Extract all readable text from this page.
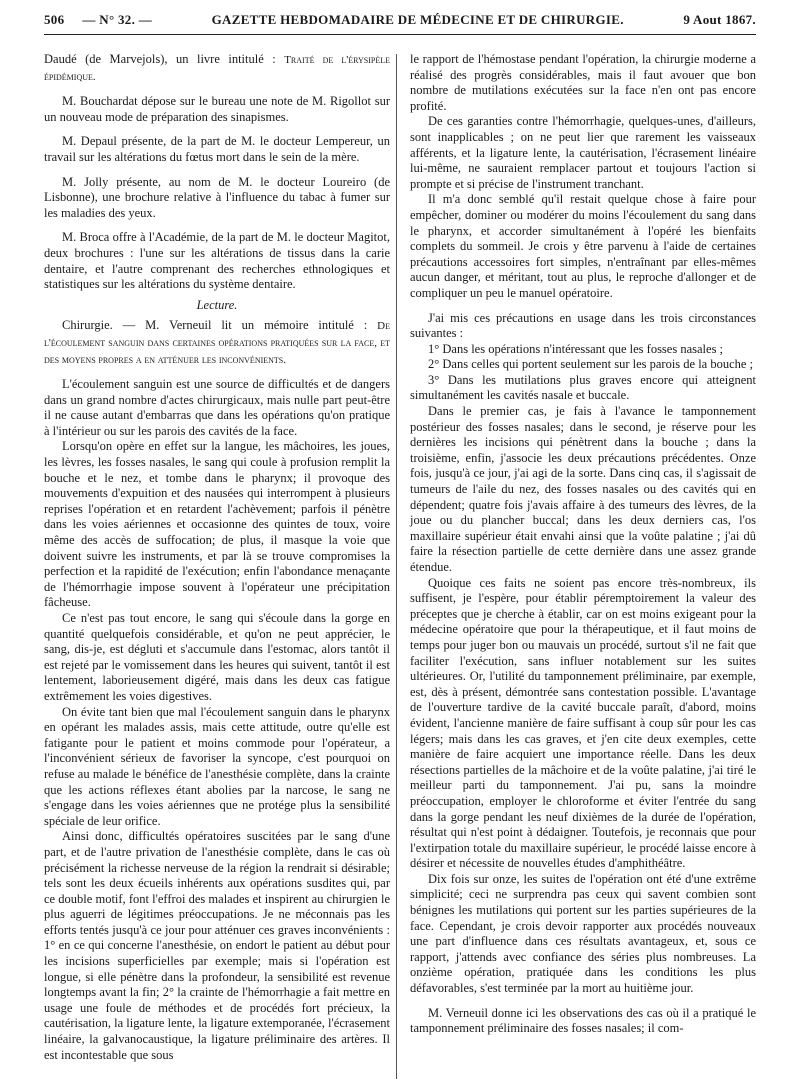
506 — N° 32. —	GAZETTE HEBDOMADAIRE DE MÉDECINE ET DE CHIRURGIE.	9 Aout 1867.

Daudé (de Marvejols), un livre intitulé : Traité de l'érysipèle épidémique.

M. Bouchardat dépose sur le bureau une note de M. Rigollot sur un nouveau mode de préparation des sinapismes.

M. Depaul présente, de la part de M. le docteur Lempereur, un travail sur les altérations du fœtus mort dans le sein de la mère.

M. Jolly présente, au nom de M. le docteur Loureiro (de Lisbonne), une brochure relative à l'influence du tabac à fumer sur les maladies des yeux.

M. Broca offre à l'Académie, de la part de M. le docteur Magitot, deux brochures : l'une sur les altérations de tissus dans la carie dentaire, et l'autre comprenant des recherches ethnologiques et statistiques sur les altérations du système dentaire.

Lecture.

Chirurgie. — M. Verneuil lit un mémoire intitulé : De l'écoulement sanguin dans certaines opérations pratiquées sur la face, et des moyens propres a en atténuer les inconvénients.

L'écoulement sanguin est une source de difficultés et de dangers dans un grand nombre d'actes chirurgicaux, mais nulle part peut-être il ne cause autant d'embarras que dans les opérations qu'on pratique à l'intérieur ou sur les parois des cavités de la face.

Lorsqu'on opère en effet sur la langue, les mâchoires, les joues, les lèvres, les fosses nasales, le sang qui coule à profusion remplit la bouche et le nez, et tombe dans le pharynx; il provoque des mouvements d'expuition et des nausées qui interrompent à plusieurs reprises l'opération et en retardent l'achèvement; parfois il pénètre dans les voies aériennes et occasionne des quintes de toux, voire même des accès de suffocation; de plus, il masque la voie que doivent suivre les instruments, et par là se trouve compromises la perfection et la rapidité de l'exécution; enfin l'abondance menaçante de l'hémorrhagie impose souvent à l'opérateur une précipitation fâcheuse.

Ce n'est pas tout encore, le sang qui s'écoule dans la gorge en quantité quelquefois considérable, et qu'on ne peut apprécier, le sang, dis-je, est dégluti et s'accumule dans l'estomac, alors tantôt il est rejeté par le vomissement dans les heures qui suivent, tantôt il est lentement, laborieusement digéré, mais dans les deux cas fatigue extrêmement les voies digestives.

On évite tant bien que mal l'écoulement sanguin dans le pharynx en opérant les malades assis, mais cette attitude, outre qu'elle est fatigante pour le patient et moins commode pour l'opérateur, a l'inconvénient sérieux de favoriser la syncope, c'est pourquoi on refuse au malade le bénéfice de l'anesthésie complète, dans la crainte que les actions réflexes étant abolies par la narcose, le sang ne s'engage dans les voies aériennes que ne protége plus la sensibilité spéciale de leur orifice.

Ainsi donc, difficultés opératoires suscitées par le sang d'une part, et de l'autre privation de l'anesthésie complète, dans le cas où précisément la richesse nerveuse de la région la rendrait si désirable; tels sont les deux écueils inhérents aux opérations susdites qui, par ce double motif, font l'effroi des malades et inspirent au chirurgien le plus aguerri de légitimes préoccupations. Je ne méconnais pas les efforts tentés jusqu'à ce jour pour atténuer ces graves inconvénients : 1° en ce qui concerne l'anesthésie, on endort le patient au début pour les incisions superficielles par exemple; mais si l'opération est longue, si elle pénètre dans la profondeur, la sensibilité est revenue longtemps avant la fin; 2° la crainte de l'hémorrhagie a fait mettre en usage une foule de méthodes et de procédés fort précieux, la cautérisation, la ligature lente, la ligature extemporanée, l'écrasement linéaire, la galvanocaustique, la ligature préliminaire des artères. Il est incontestable que sous

le rapport de l'hémostase pendant l'opération, la chirurgie moderne a réalisé des progrès considérables, mais il faut avouer que bon nombre de mutilations exécutées sur la face n'en ont pas encore profité.

De ces garanties contre l'hémorrhagie, quelques-unes, d'ailleurs, sont inapplicables ; on ne peut lier que rarement les vaisseaux afférents, et la ligature lente, la cautérisation, l'écrasement linéaire lui-même, ne sauraient remplacer partout et toujours l'action si prompte et si précise de l'instrument tranchant.

Il m'a donc semblé qu'il restait quelque chose à faire pour empêcher, dominer ou modérer du moins l'écoulement du sang dans le pharynx, et accorder simultanément à l'opéré les bienfaits complets du sommeil. Je crois y être parvenu à l'aide de certaines précautions accessoires fort simples, n'entraînant par elles-mêmes aucun danger, et méritant, tout au plus, le reproche d'allonger et de compliquer un peu le manuel opératoire.

J'ai mis ces précautions en usage dans les trois circonstances suivantes :

1° Dans les opérations n'intéressant que les fosses nasales ;

2° Dans celles qui portent seulement sur les parois de la bouche ;

3° Dans les mutilations plus graves encore qui atteignent simultanément les cavités nasale et buccale.

Dans le premier cas, je fais à l'avance le tamponnement postérieur des fosses nasales; dans le second, je réserve pour les dernières les incisions qui pénètrent dans la bouche ; dans la troisième, enfin, j'associe les deux précautions précédentes. Onze fois, jusqu'à ce jour, j'ai agi de la sorte. Dans cinq cas, il s'agissait de tumeurs de l'aile du nez, des fosses nasales ou des cavités qui en dépendent; quatre fois j'avais affaire à des tumeurs des lèvres, de la joue ou du plancher buccal; dans les deux derniers cas, l'os maxillaire supérieur était envahi ainsi que la voûte palatine ; j'ai dû faire la résection partielle de cette dernière dans une assez grande étendue.

Quoique ces faits ne soient pas encore très-nombreux, ils suffisent, je l'espère, pour établir péremptoirement la valeur des préceptes que je cherche à établir, car on est moins exigeant pour la médecine opératoire que pour la thérapeutique, et il faut moins de temps pour juger bon ou mauvais un procédé, surtout s'il ne fait que faciliter l'exécution, sans influer notablement sur les suites ultérieures. Or, l'utilité du tamponnement préliminaire, par exemple, est, dès à présent, démontrée sans contestation possible. L'avantage de l'ouverture tardive de la cavité buccale paraît, d'abord, moins évident, l'ancienne manière de faire suffisant à coup sûr pour les cas légers; mais dans les cas graves, et j'en cite deux exemples, cette manière de faire acquiert une importance réelle. Dans les deux résections partielles de la mâchoire et de la voûte palatine, j'ai tiré le meilleur parti du tamponnement. J'ai pu, sans la moindre préoccupation, employer le chloroforme et éviter l'entrée du sang dans la gorge pendant les neuf dixièmes de la durée de l'opération, résultat qui n'est point à dédaigner. Toutefois, je reconnais que pour l'extirpation totale du maxillaire supérieur, le procédé laisse encore à désirer et nécessite de nouvelles études d'amphithéâtre.

Dix fois sur onze, les suites de l'opération ont été d'une extrême simplicité; ceci ne surprendra pas ceux qui savent combien sont bénignes les mutilations qui portent sur les parties supérieures de la face. Cependant, je crois devoir rapporter aux procédés nouveaux une part d'influence dans ces résultats avantageux, et, sous ce rapport, j'attends avec confiance des séries plus nombreuses. La onzième opération, pratiquée dans les conditions les plus défavorables, s'est terminée par la mort au huitième jour.

M. Verneuil donne ici les observations des cas où il a pratiqué le tamponnement préliminaire des fosses nasales; il com-
